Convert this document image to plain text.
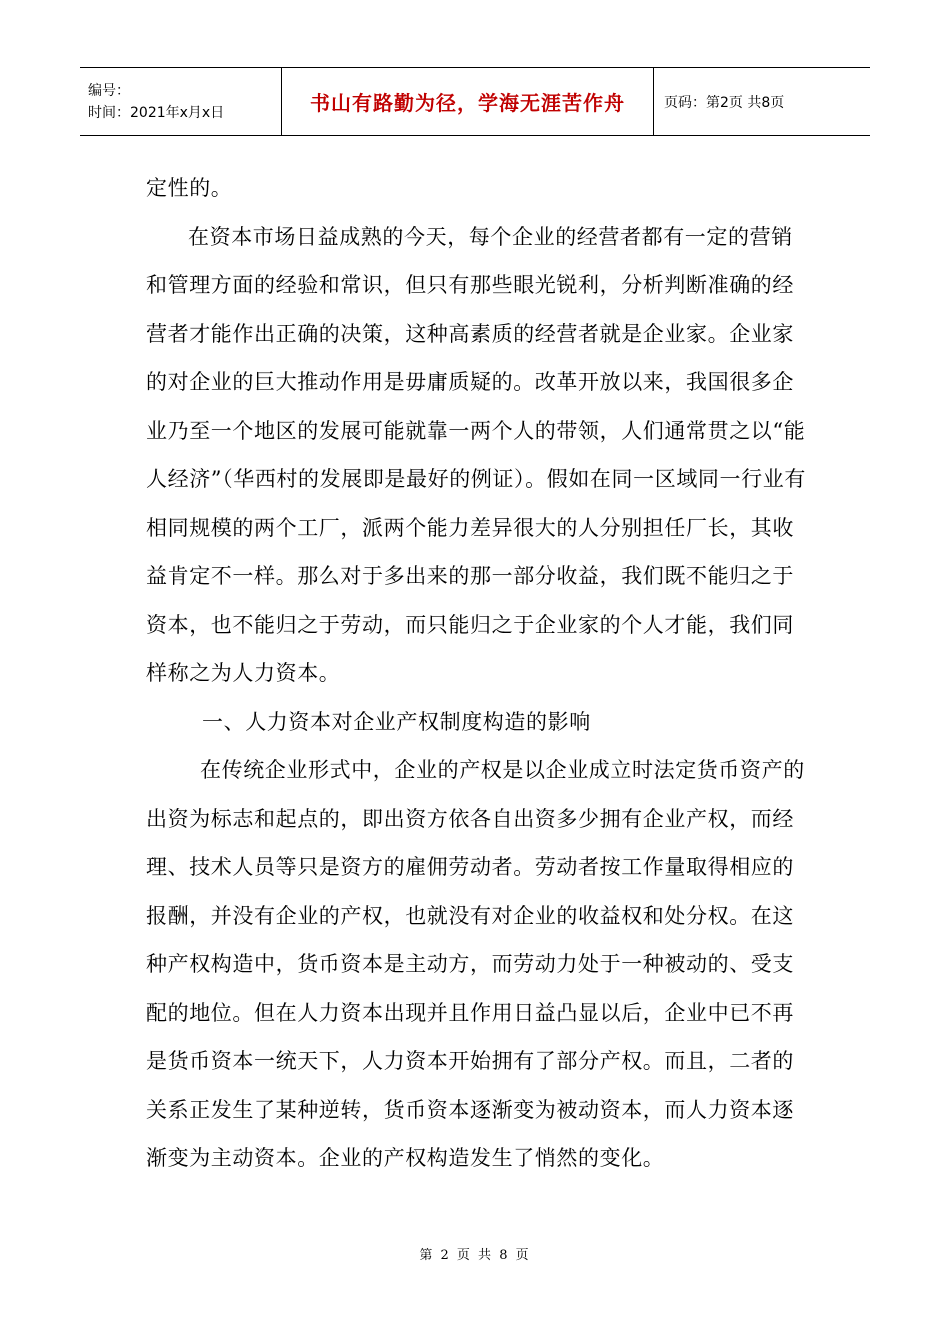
编号：
时间：2021年x月x日	书山有路勤为径，学海无涯苦作舟	页码：第2页 共8页

定性的。

在资本市场日益成熟的今天，每个企业的经营者都有一定的营销和管理方面的经验和常识，但只有那些眼光锐利，分析判断准确的经营者才能作出正确的决策，这种高素质的经营者就是企业家。企业家的对企业的巨大推动作用是毋庸质疑的。改革开放以来，我国很多企业乃至一个地区的发展可能就靠一两个人的带领，人们通常贯之以“能人经济”（华西村的发展即是最好的例证）。假如在同一区域同一行业有相同规模的两个工厂，派两个能力差异很大的人分别担任厂长，其收益肯定不一样。那么对于多出来的那一部分收益，我们既不能归之于资本，也不能归之于劳动，而只能归之于企业家的个人才能，我们同样称之为人力资本。

一、人力资本对企业产权制度构造的影响

在传统企业形式中，企业的产权是以企业成立时法定货币资产的出资为标志和起点的，即出资方依各自出资多少拥有企业产权，而经理、技术人员等只是资方的雇佣劳动者。劳动者按工作量取得相应的报酬，并没有企业的产权，也就没有对企业的收益权和处分权。在这种产权构造中，货币资本是主动方，而劳动力处于一种被动的、受支配的地位。但在人力资本出现并且作用日益凸显以后，企业中已不再是货币资本一统天下，人力资本开始拥有了部分产权。而且，二者的关系正发生了某种逆转，货币资本逐渐变为被动资本，而人力资本逐渐变为主动资本。企业的产权构造发生了悄然的变化。

第 2 页 共 8 页
